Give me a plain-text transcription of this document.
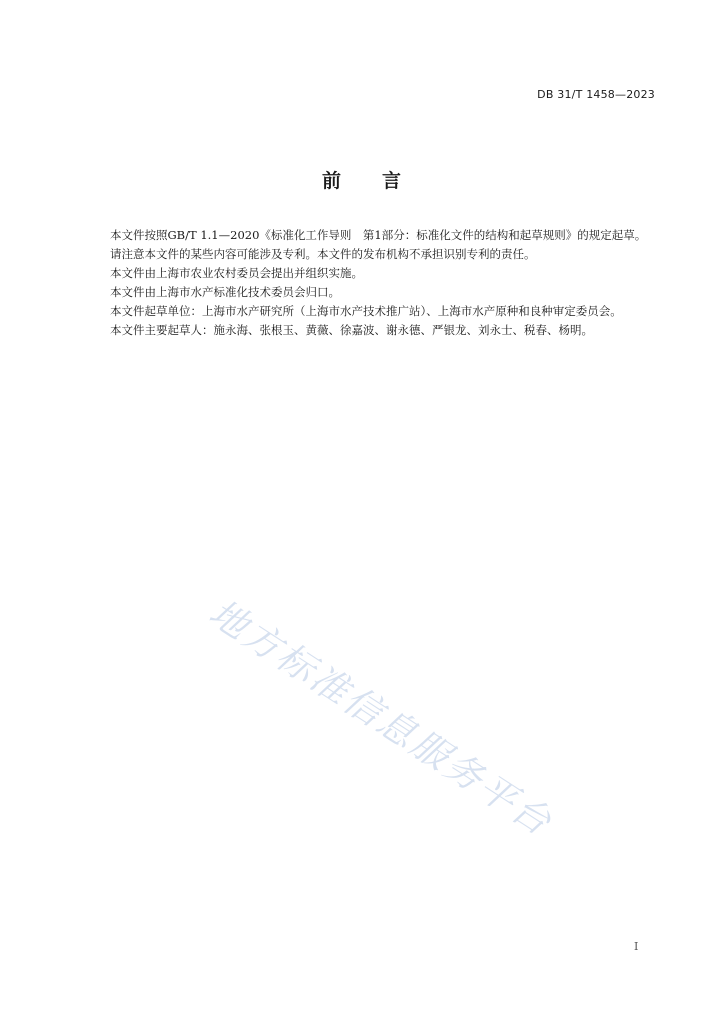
DB 31/T 1458—2023
前 言

本文件按照GB/T 1.1—2020《标准化工作导则　第1部分：标准化文件的结构和起草规则》的规定起草。

请注意本文件的某些内容可能涉及专利。本文件的发布机构不承担识别专利的责任。

本文件由上海市农业农村委员会提出并组织实施。

本文件由上海市水产标准化技术委员会归口。

本文件起草单位：上海市水产研究所（上海市水产技术推广站）、上海市水产原种和良种审定委员会。

本文件主要起草人：施永海、张根玉、黄薇、徐嘉波、谢永德、严银龙、刘永士、税春、杨明。

地方标准信息服务平台
I
